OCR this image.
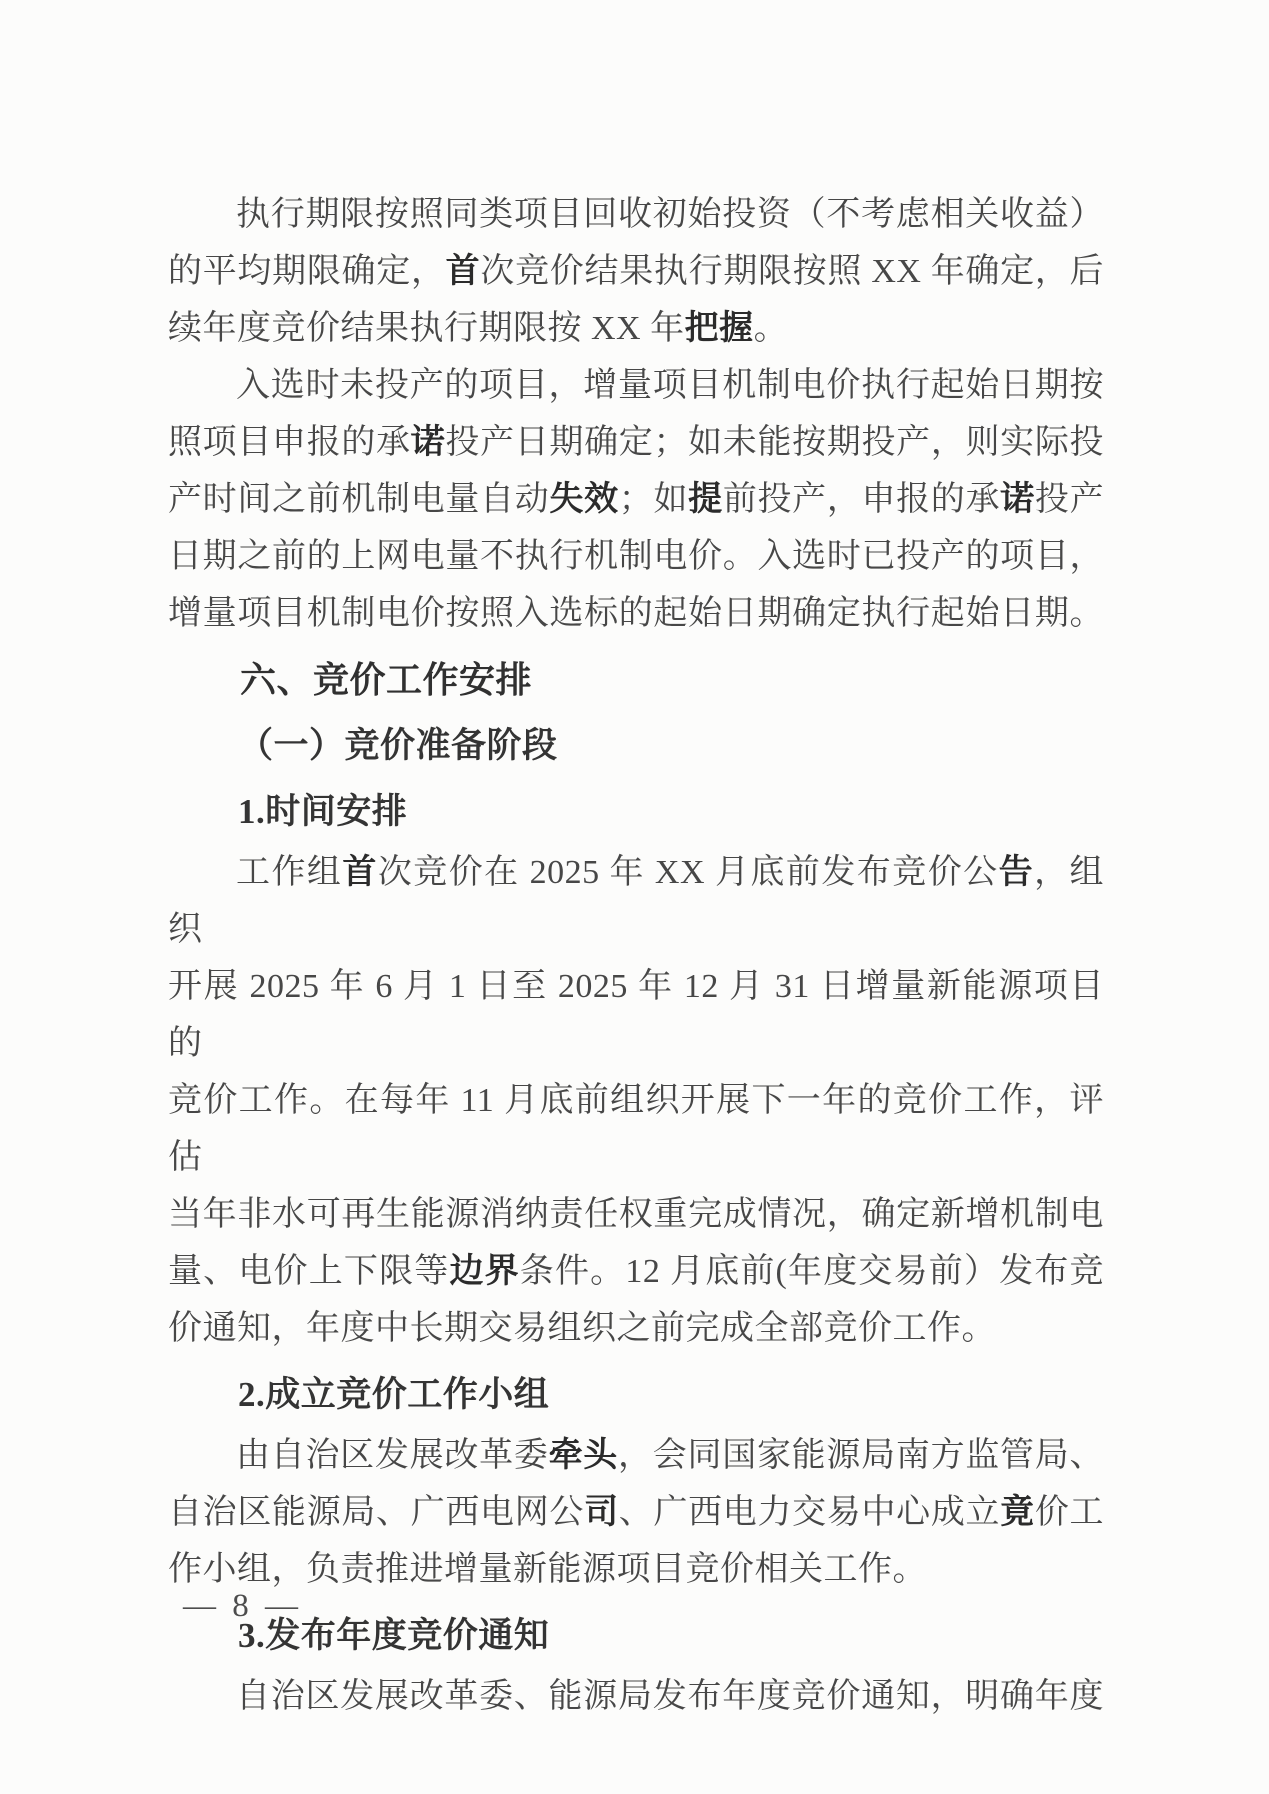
执行期限按照同类项目回收初始投资（不考虑相关收益）
的平均期限确定，首次竞价结果执行期限按照 XX 年确定，后
续年度竞价结果执行期限按 XX 年把握。
入选时未投产的项目，增量项目机制电价执行起始日期按
照项目申报的承诺投产日期确定；如未能按期投产，则实际投
产时间之前机制电量自动失效；如提前投产，申报的承诺投产
日期之前的上网电量不执行机制电价。入选时已投产的项目，
增量项目机制电价按照入选标的起始日期确定执行起始日期。
六、竞价工作安排
（一）竞价准备阶段
1.时间安排
工作组首次竞价在 2025 年 XX 月底前发布竞价公告，组织
开展 2025 年 6 月 1 日至 2025 年 12 月 31 日增量新能源项目的
竞价工作。在每年 11 月底前组织开展下一年的竞价工作，评估
当年非水可再生能源消纳责任权重完成情况，确定新增机制电
量、电价上下限等边界条件。12 月底前(年度交易前）发布竞
价通知，年度中长期交易组织之前完成全部竞价工作。
2.成立竞价工作小组
由自治区发展改革委牵头，会同国家能源局南方监管局、
自治区能源局、广西电网公司、广西电力交易中心成立竟价工
作小组，负责推进增量新能源项目竞价相关工作。
3.发布年度竞价通知
自治区发展改革委、能源局发布年度竞价通知，明确年度
— 8 —
